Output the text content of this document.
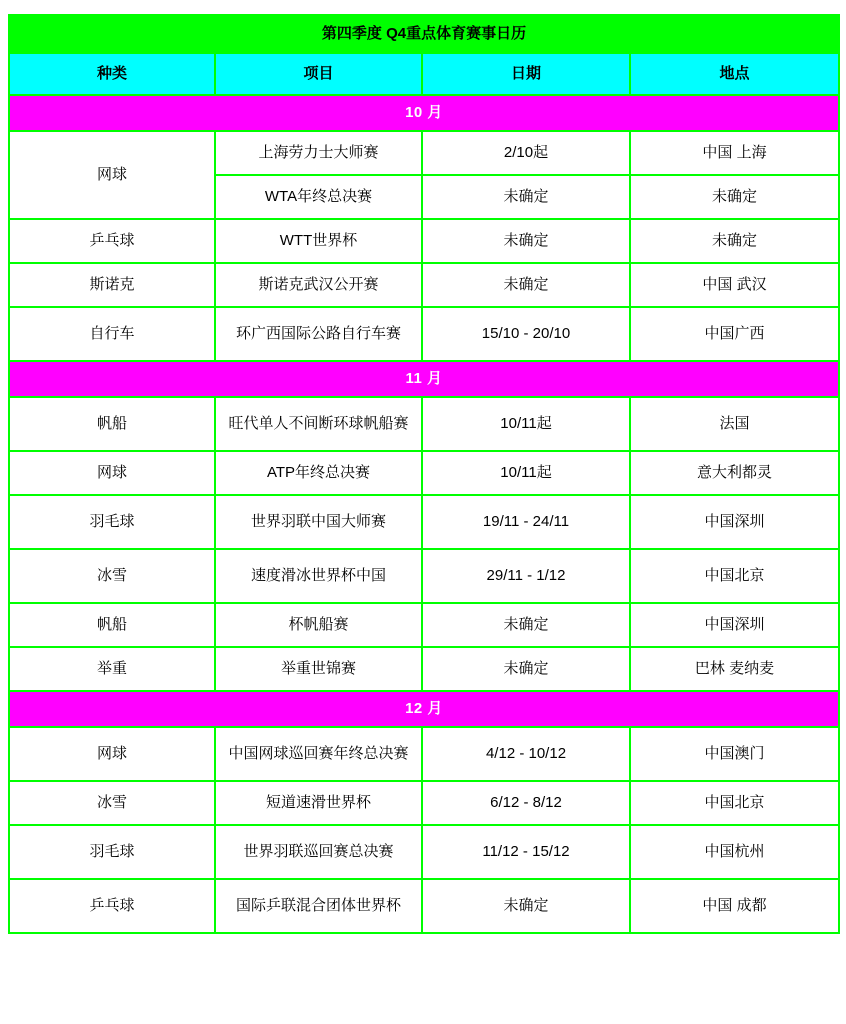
第四季度 Q4重点体育赛事日历			
种类	项目	日期	地点
10 月			
网球	上海劳力士大师赛	2/10起	中国 上海
	WTA年终总决赛	未确定	未确定
乒乓球	WTT世界杯	未确定	未确定
斯诺克	斯诺克武汉公开赛	未确定	中国 武汉
自行车	环广西国际公路自行车赛	15/10 - 20/10	中国广西
11 月			
帆船	旺代单人不间断环球帆船赛	10/11起	法国
网球	ATP年终总决赛	10/11起	意大利都灵
羽毛球	世界羽联中国大师赛	19/11 - 24/11	中国深圳
冰雪	速度滑冰世界杯中国	29/11 - 1/12	中国北京
帆船	杯帆船赛	未确定	中国深圳
举重	举重世锦赛	未确定	巴林 麦纳麦
12 月			
网球	中国网球巡回赛年终总决赛	4/12 - 10/12	中国澳门
冰雪	短道速滑世界杯	6/12 - 8/12	中国北京
羽毛球	世界羽联巡回赛总决赛	11/12 - 15/12	中国杭州
乒乓球	国际乒联混合团体世界杯	未确定	中国 成都
